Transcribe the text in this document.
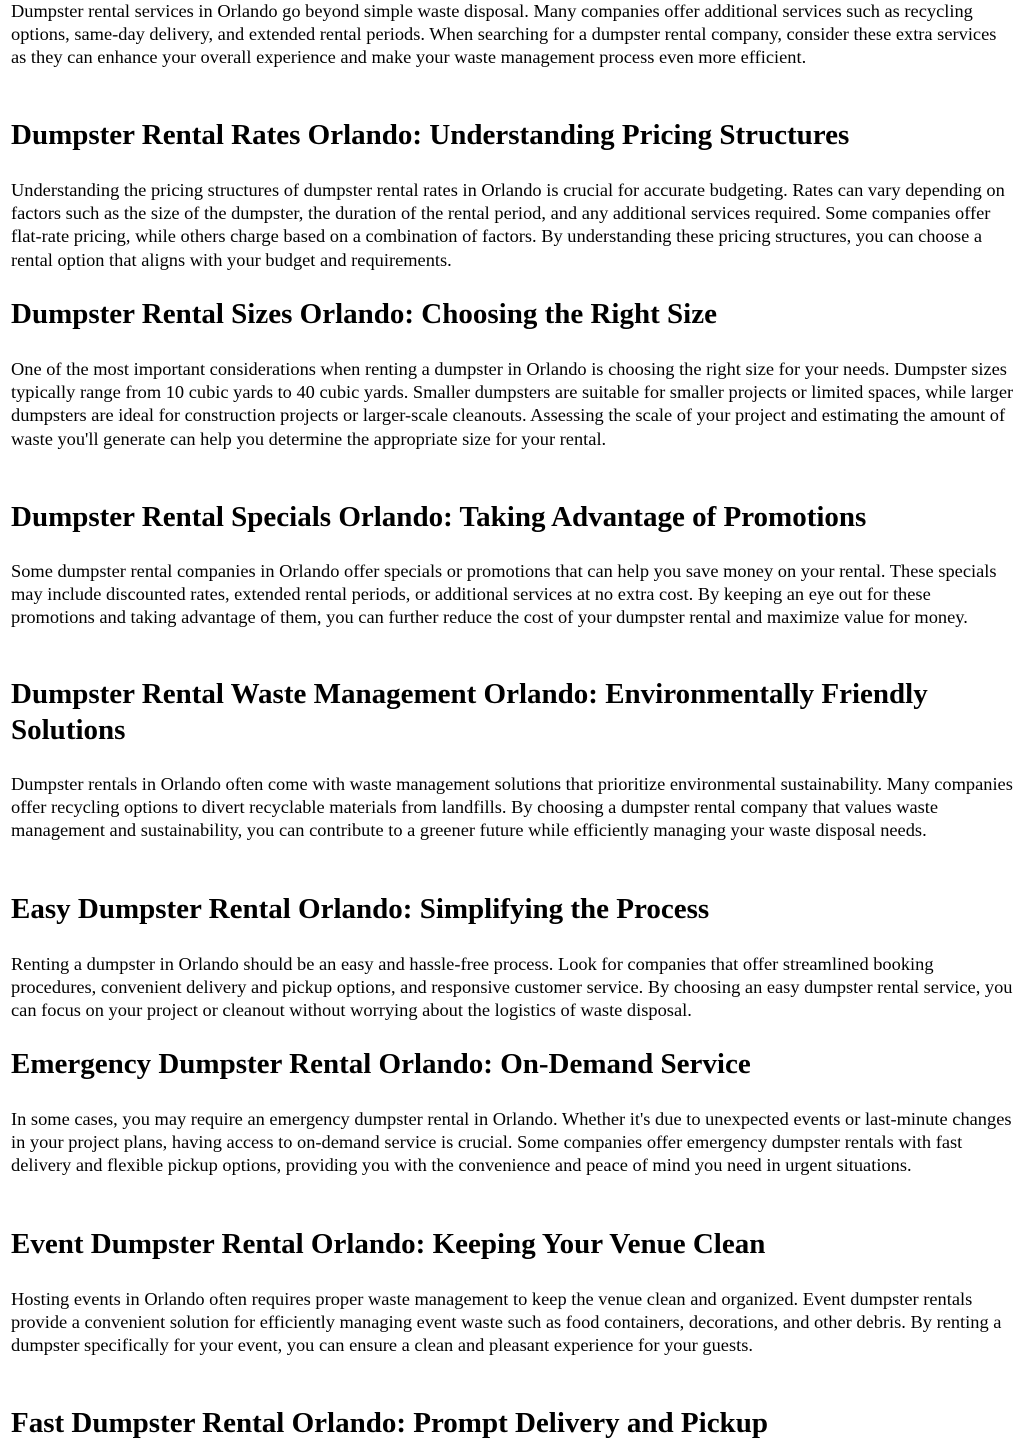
Dumpster rental services in Orlando go beyond simple waste disposal. Many companies offer additional services such as recycling options, same-day delivery, and extended rental periods. When searching for a dumpster rental company, consider these extra services as they can enhance your overall experience and make your waste management process even more efficient.

Dumpster Rental Rates Orlando: Understanding Pricing Structures

Understanding the pricing structures of dumpster rental rates in Orlando is crucial for accurate budgeting. Rates can vary depending on factors such as the size of the dumpster, the duration of the rental period, and any additional services required. Some companies offer flat-rate pricing, while others charge based on a combination of factors. By understanding these pricing structures, you can choose a rental option that aligns with your budget and requirements.

Dumpster Rental Sizes Orlando: Choosing the Right Size

One of the most important considerations when renting a dumpster in Orlando is choosing the right size for your needs. Dumpster sizes typically range from 10 cubic yards to 40 cubic yards. Smaller dumpsters are suitable for smaller projects or limited spaces, while larger dumpsters are ideal for construction projects or larger-scale cleanouts. Assessing the scale of your project and estimating the amount of waste you'll generate can help you determine the appropriate size for your rental.

Dumpster Rental Specials Orlando: Taking Advantage of Promotions

Some dumpster rental companies in Orlando offer specials or promotions that can help you save money on your rental. These specials may include discounted rates, extended rental periods, or additional services at no extra cost. By keeping an eye out for these promotions and taking advantage of them, you can further reduce the cost of your dumpster rental and maximize value for money.

Dumpster Rental Waste Management Orlando: Environmentally Friendly Solutions

Dumpster rentals in Orlando often come with waste management solutions that prioritize environmental sustainability. Many companies offer recycling options to divert recyclable materials from landfills. By choosing a dumpster rental company that values waste management and sustainability, you can contribute to a greener future while efficiently managing your waste disposal needs.

Easy Dumpster Rental Orlando: Simplifying the Process

Renting a dumpster in Orlando should be an easy and hassle-free process. Look for companies that offer streamlined booking procedures, convenient delivery and pickup options, and responsive customer service. By choosing an easy dumpster rental service, you can focus on your project or cleanout without worrying about the logistics of waste disposal.

Emergency Dumpster Rental Orlando: On-Demand Service

In some cases, you may require an emergency dumpster rental in Orlando. Whether it's due to unexpected events or last-minute changes in your project plans, having access to on-demand service is crucial. Some companies offer emergency dumpster rentals with fast delivery and flexible pickup options, providing you with the convenience and peace of mind you need in urgent situations.

Event Dumpster Rental Orlando: Keeping Your Venue Clean

Hosting events in Orlando often requires proper waste management to keep the venue clean and organized. Event dumpster rentals provide a convenient solution for efficiently managing event waste such as food containers, decorations, and other debris. By renting a dumpster specifically for your event, you can ensure a clean and pleasant experience for your guests.

Fast Dumpster Rental Orlando: Prompt Delivery and Pickup
